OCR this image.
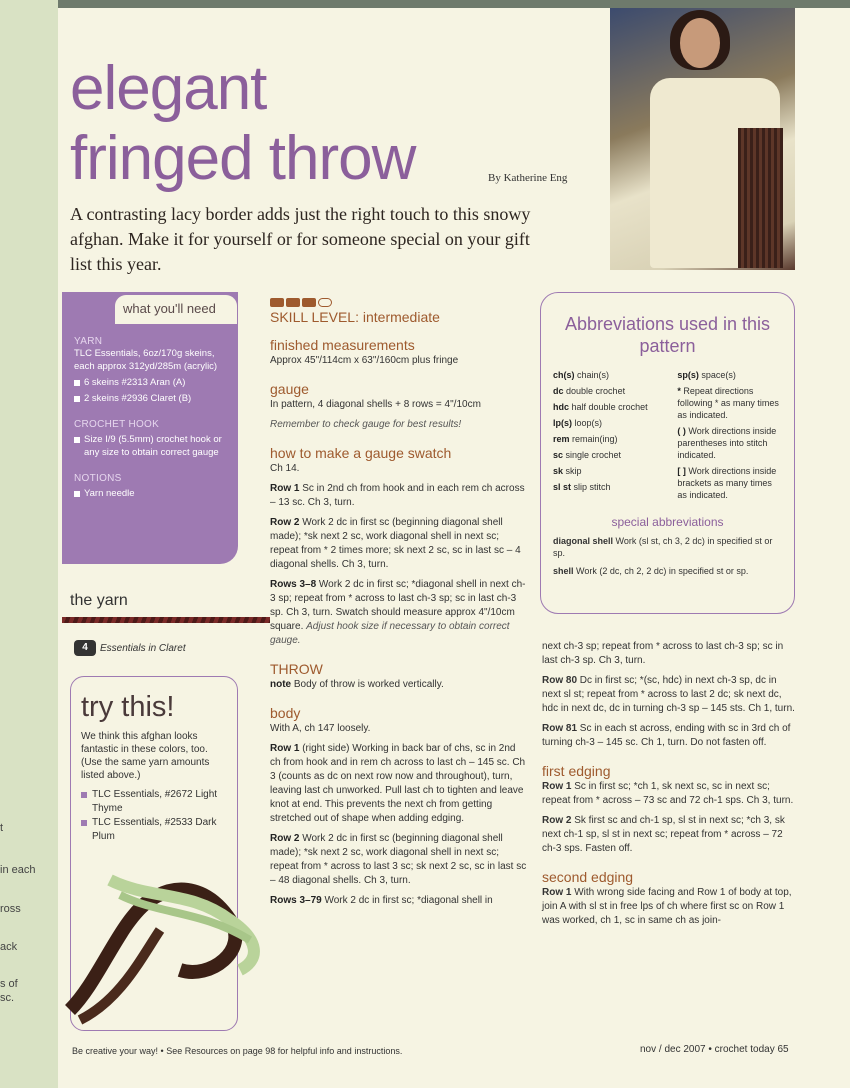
t
in each
ross
ack
s of
sc.
elegant
fringed throw	By Katherine Eng
A contrasting lacy border adds just the right touch to this snowy afghan. Make it for yourself or for someone special on your gift list this year.
YARN
TLC Essentials, 6oz/170g skeins, each approx 312yd/285m (acrylic)
6 skeins #2313 Aran (A)
2 skeins #2936 Claret (B)
CROCHET HOOK
Size I/9 (5.5mm) crochet hook or any size to obtain correct gauge
NOTIONS
Yarn needle
what you'll need
the yarn
4	Essentials in Claret
try this!

We think this afghan looks fantastic in these colors, too. (Use the same yarn amounts listed above.)

TLC Essentials, #2672 Light Thyme
TLC Essentials, #2533 Dark Plum
SKILL LEVEL: intermediate
finished measurements
Approx 45"/114cm x 63"/160cm plus fringe
gauge
In pattern, 4 diagonal shells + 8 rows = 4"/10cm
Remember to check gauge for best results!
how to make a gauge swatch
Ch 14.

Row 1 Sc in 2nd ch from hook and in each rem ch across – 13 sc. Ch 3, turn.

Row 2 Work 2 dc in first sc (beginning diagonal shell made); *sk next 2 sc, work diagonal shell in next sc; repeat from * 2 times more; sk next 2 sc, sc in last sc – 4 diagonal shells. Ch 3, turn.

Rows 3–8 Work 2 dc in first sc; *diagonal shell in next ch-3 sp; repeat from * across to last ch-3 sp; sc in last ch-3 sp. Ch 3, turn. Swatch should measure approx 4"/10cm square. Adjust hook size if necessary to obtain correct gauge.

THROW
note Body of throw is worked vertically.
body
With A, ch 147 loosely.

Row 1 (right side) Working in back bar of chs, sc in 2nd ch from hook and in rem ch across to last ch – 145 sc. Ch 3 (counts as dc on next row now and throughout), turn, leaving last ch unworked. Pull last ch to tighten and leave knot at end. This prevents the next ch from getting stretched out of shape when adding edging.

Row 2 Work 2 dc in first sc (beginning diagonal shell made); *sk next 2 sc, work diagonal shell in next sc; repeat from * across to last 3 sc; sk next 2 sc, sc in last sc – 48 diagonal shells. Ch 3, turn.

Rows 3–79 Work 2 dc in first sc; *diagonal shell in

Abbreviations used in this pattern
ch(s) chain(s)
dc double crochet
hdc half double crochet
lp(s) loop(s)
rem remain(ing)
sc single crochet
sk skip
sl st slip stitch
sp(s) space(s)
* Repeat directions following * as many times as indicated.
( ) Work directions inside parentheses into stitch indicated.
[ ] Work directions inside brackets as many times as indicated.
special abbreviations
diagonal shell Work (sl st, ch 3, 2 dc) in specified st or sp.
shell Work (2 dc, ch 2, 2 dc) in specified st or sp.
next ch-3 sp; repeat from * across to last ch-3 sp; sc in last ch-3 sp. Ch 3, turn.

Row 80 Dc in first sc; *(sc, hdc) in next ch-3 sp, dc in next sl st; repeat from * across to last 2 dc; sk next dc, hdc in next dc, dc in turning ch-3 sp – 145 sts. Ch 1, turn.

Row 81 Sc in each st across, ending with sc in 3rd ch of turning ch-3 – 145 sc. Ch 1, turn. Do not fasten off.

first edging
Row 1 Sc in first sc; *ch 1, sk next sc, sc in next sc; repeat from * across – 73 sc and 72 ch-1 sps. Ch 3, turn.

Row 2 Sk first sc and ch-1 sp, sl st in next sc; *ch 3, sk next ch-1 sp, sl st in next sc; repeat from * across – 72 ch-3 sps. Fasten off.

second edging
Row 1 With wrong side facing and Row 1 of body at top, join A with sl st in free lps of ch where first sc on Row 1 was worked, ch 1, sc in same ch as join-
Be creative your way! • See Resources on page 98 for helpful info and instructions.	nov / dec 2007 • crochet today 65
